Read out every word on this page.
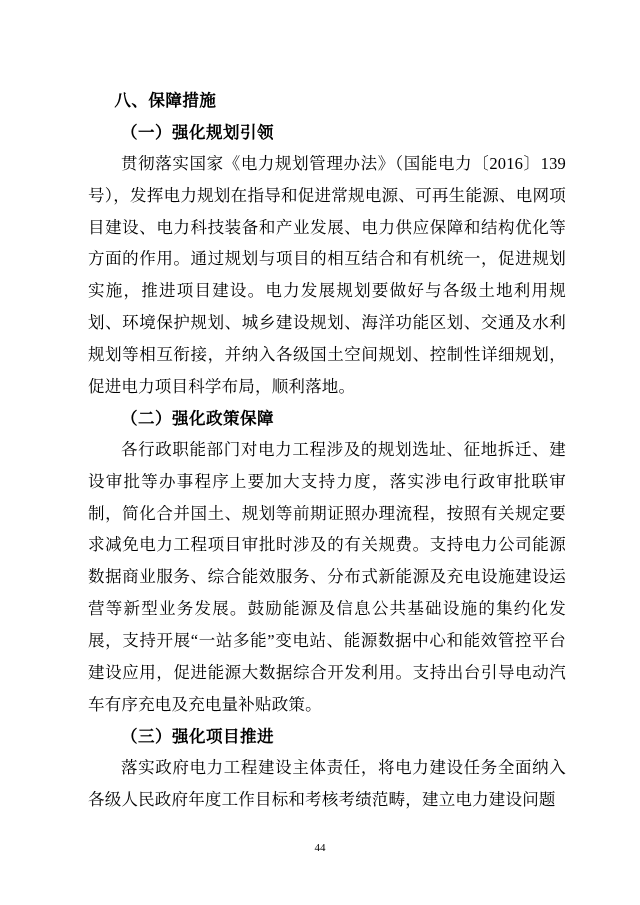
八、保障措施

（一）强化规划引领

贯彻落实国家《电力规划管理办法》（国能电力〔2016〕139号），发挥电力规划在指导和促进常规电源、可再生能源、电网项目建设、电力科技装备和产业发展、电力供应保障和结构优化等方面的作用。通过规划与项目的相互结合和有机统一，促进规划实施，推进项目建设。电力发展规划要做好与各级土地利用规划、环境保护规划、城乡建设规划、海洋功能区划、交通及水利规划等相互衔接，并纳入各级国土空间规划、控制性详细规划，促进电力项目科学布局，顺利落地。

（二）强化政策保障

各行政职能部门对电力工程涉及的规划选址、征地拆迁、建设审批等办事程序上要加大支持力度，落实涉电行政审批联审制，简化合并国土、规划等前期证照办理流程，按照有关规定要求减免电力工程项目审批时涉及的有关规费。支持电力公司能源数据商业服务、综合能效服务、分布式新能源及充电设施建设运营等新型业务发展。鼓励能源及信息公共基础设施的集约化发展，支持开展“一站多能”变电站、能源数据中心和能效管控平台建设应用，促进能源大数据综合开发利用。支持出台引导电动汽车有序充电及充电量补贴政策。

（三）强化项目推进

落实政府电力工程建设主体责任，将电力建设任务全面纳入各级人民政府年度工作目标和考核考绩范畴，建立电力建设问题

44
